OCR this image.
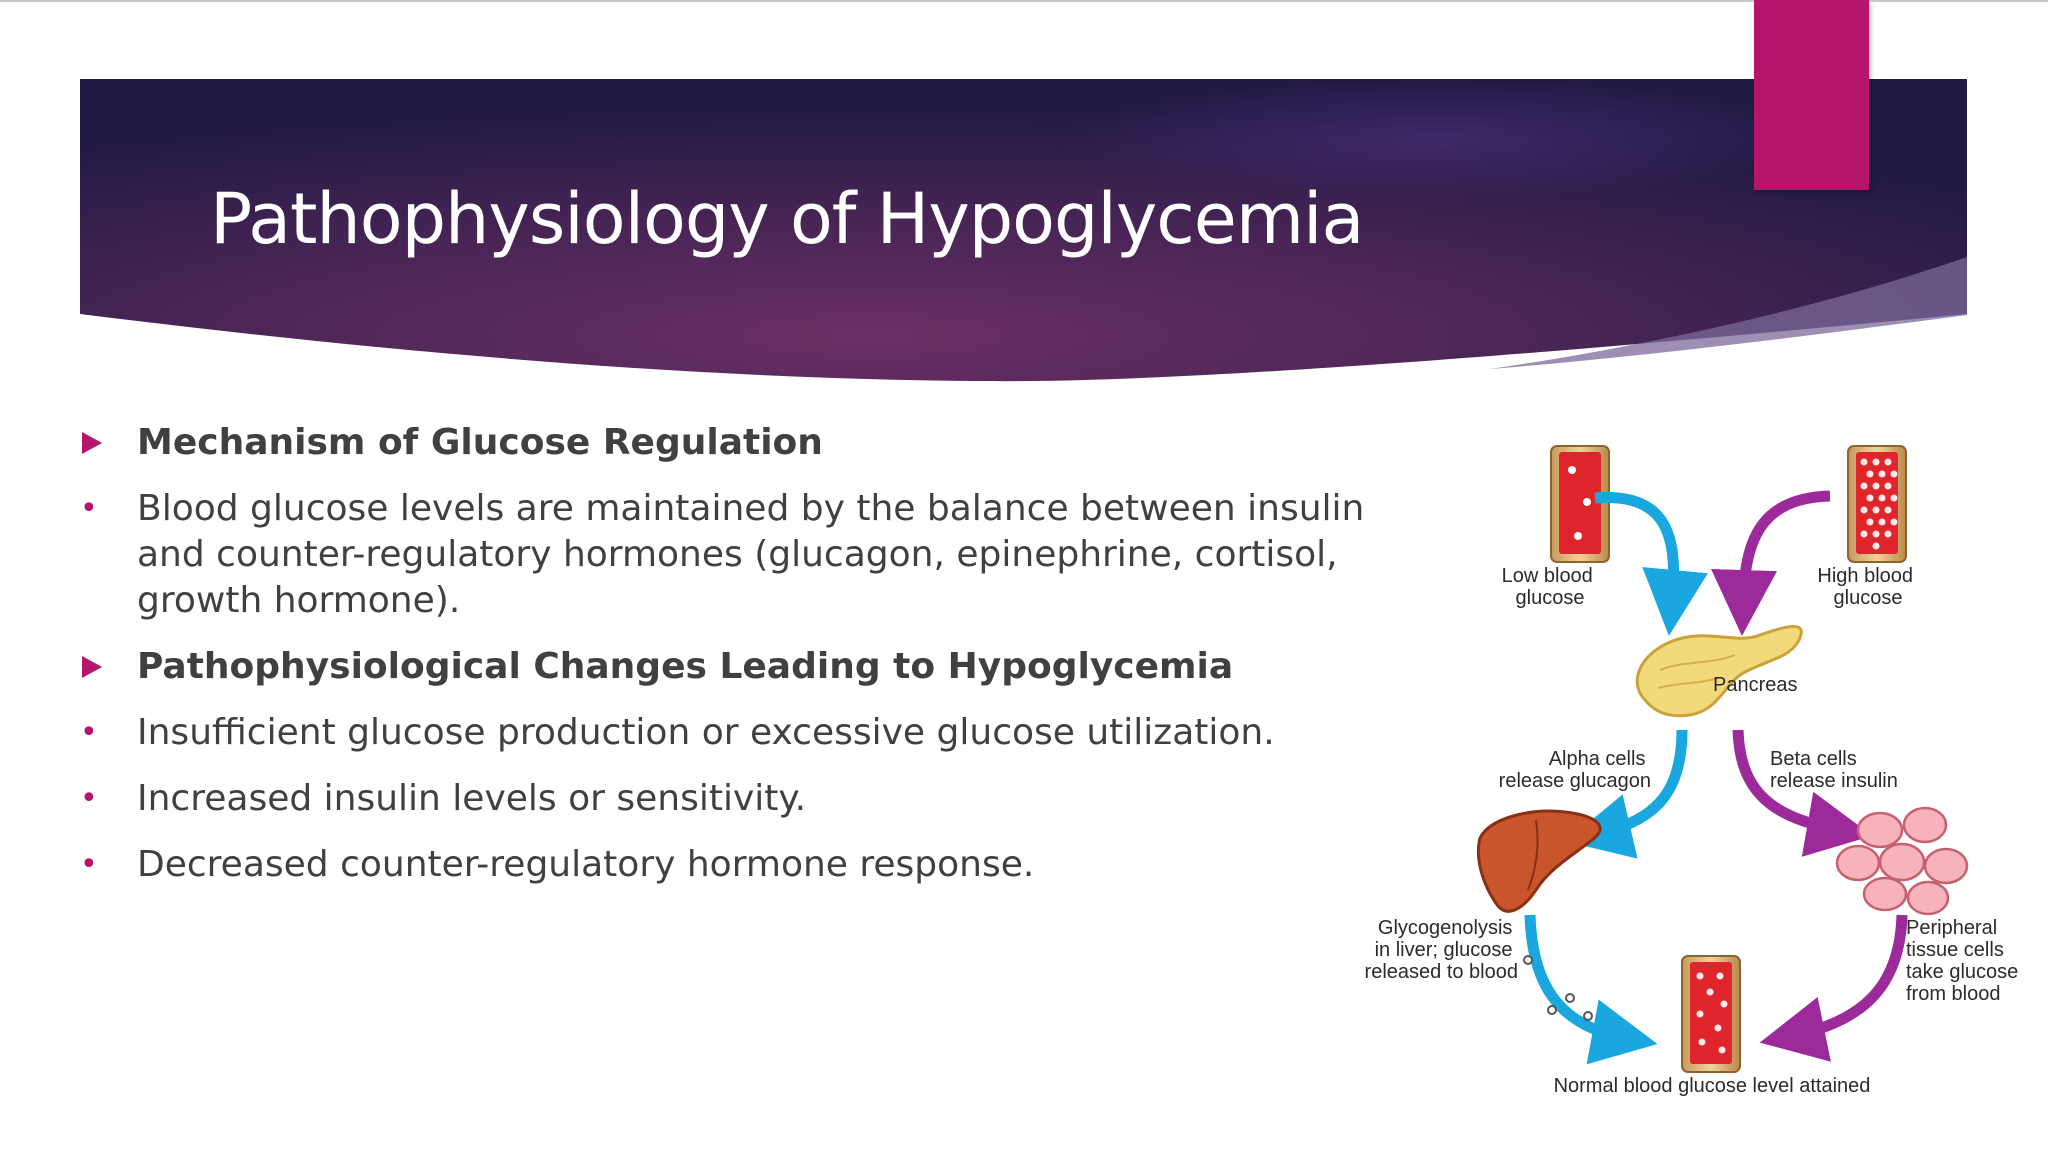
Pathophysiology of Hypoglycemia
Mechanism of Glucose Regulation
• Blood glucose levels are maintained by the balance between insulin and counter-regulatory hormones (glucagon, epinephrine, cortisol, growth hormone).
Pathophysiological Changes Leading to Hypoglycemia
• Insufficient glucose production or excessive glucose utilization.
• Increased insulin levels or sensitivity.
• Decreased counter-regulatory hormone response.
Low blood glucose
High blood glucose
Pancreas
Alpha cells release glucagon
Beta cells release insulin
Glycogenolysis in liver; glucose released to blood
Peripheral tissue cells take glucose from blood
Normal blood glucose level attained
